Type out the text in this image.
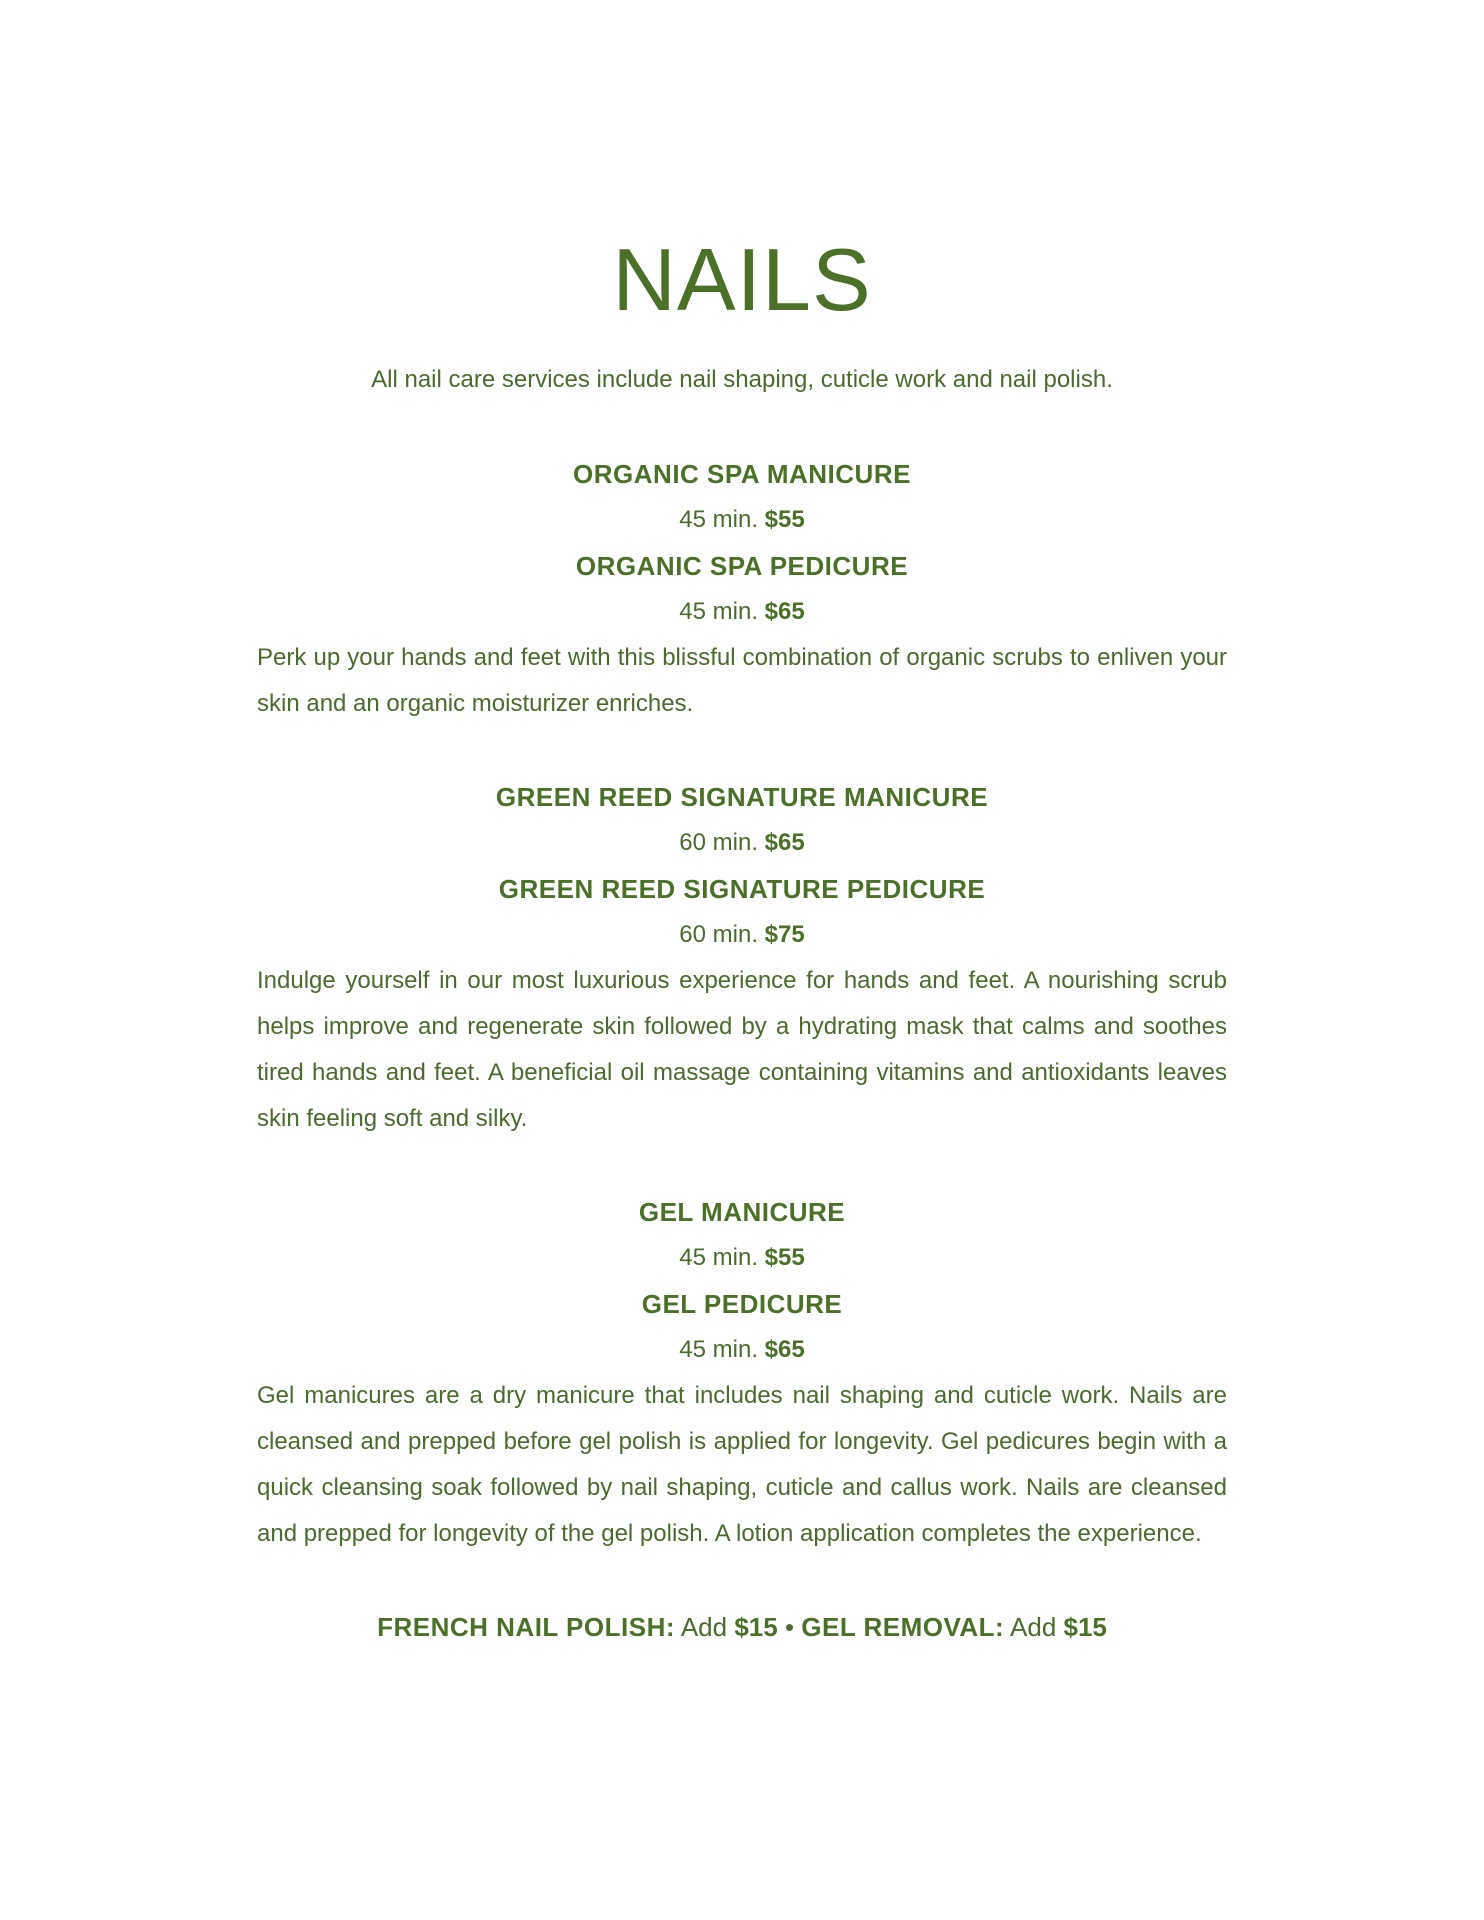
NAILS
All nail care services include nail shaping, cuticle work and nail polish.
ORGANIC SPA MANICURE
45 min. $55
ORGANIC SPA PEDICURE
45 min. $65
Perk up your hands and feet with this blissful combination of organic scrubs to enliven your skin and an organic moisturizer enriches.
GREEN REED SIGNATURE MANICURE
60 min. $65
GREEN REED SIGNATURE PEDICURE
60 min. $75
Indulge yourself in our most luxurious experience for hands and feet. A nourishing scrub helps improve and regenerate skin followed by a hydrating mask that calms and soothes tired hands and feet. A beneficial oil massage containing vitamins and antioxidants leaves skin feeling soft and silky.
GEL MANICURE
45 min. $55
GEL PEDICURE
45 min. $65
Gel manicures are a dry manicure that includes nail shaping and cuticle work. Nails are cleansed and prepped before gel polish is applied for longevity. Gel pedicures begin with a quick cleansing soak followed by nail shaping, cuticle and callus work. Nails are cleansed and prepped for longevity of the gel polish. A lotion application completes the experience.
FRENCH NAIL POLISH: Add $15 • GEL REMOVAL: Add $15
